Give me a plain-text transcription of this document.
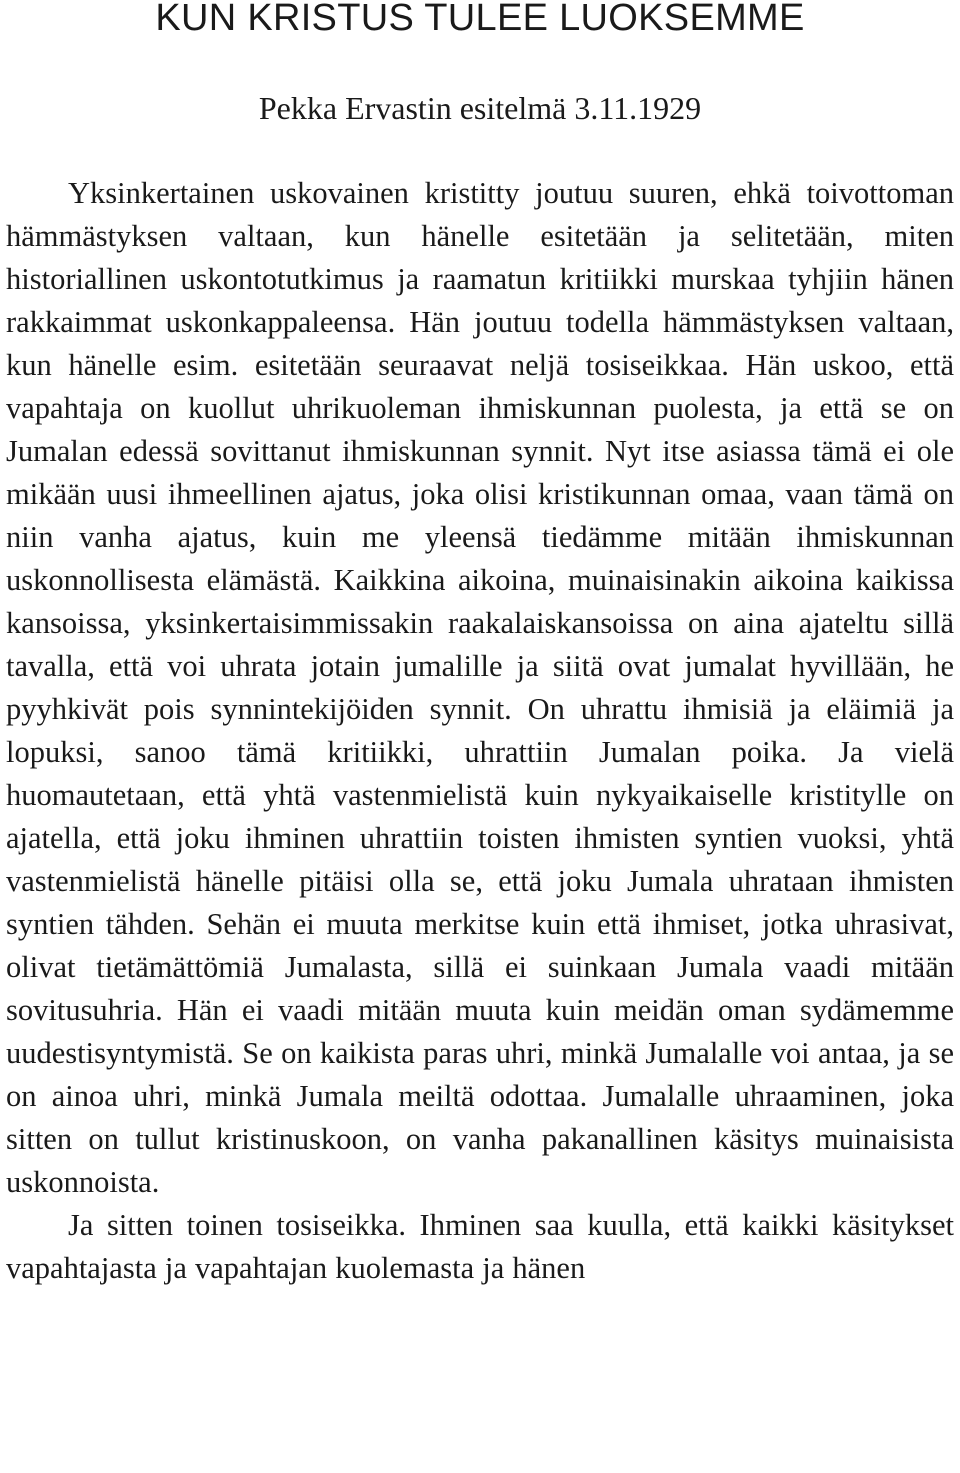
KUN KRISTUS TULEE LUOKSEMME
Pekka Ervastin esitelmä 3.11.1929

Yksinkertainen uskovainen kristitty joutuu suuren, ehkä toivottoman hämmästyksen valtaan, kun hänelle esitetään ja selitetään, miten historiallinen uskontotutkimus ja raamatun kritiikki murskaa tyhjiin hänen rakkaimmat uskonkappaleensa. Hän joutuu todella hämmästyksen valtaan, kun hänelle esim. esitetään seuraavat neljä tosiseikkaa. Hän uskoo, että vapahtaja on kuollut uhrikuoleman ihmiskunnan puolesta, ja että se on Jumalan edessä sovittanut ihmiskunnan synnit. Nyt itse asiassa tämä ei ole mikään uusi ihmeellinen ajatus, joka olisi kristikunnan omaa, vaan tämä on niin vanha ajatus, kuin me yleensä tiedämme mitään ihmiskunnan uskonnollisesta elämästä. Kaikkina aikoina, muinaisinakin aikoina kaikissa kansoissa, yksinkertaisimmissakin raakalaiskansoissa on aina ajateltu sillä tavalla, että voi uhrata jotain jumalille ja siitä ovat jumalat hyvillään, he pyyhkivät pois synnintekijöiden synnit. On uhrattu ihmisiä ja eläimiä ja lopuksi, sanoo tämä kritiikki, uhrattiin Jumalan poika. Ja vielä huomautetaan, että yhtä vastenmielistä kuin nykyaikaiselle kristitylle on ajatella, että joku ihminen uhrattiin toisten ihmisten syntien vuoksi, yhtä vastenmielistä hänelle pitäisi olla se, että joku Jumala uhrataan ihmisten syntien tähden. Sehän ei muuta merkitse kuin että ihmiset, jotka uhrasivat, olivat tietämättömiä Jumalasta, sillä ei suinkaan Jumala vaadi mitään sovitusuhria. Hän ei vaadi mitään muuta kuin meidän oman sydämemme uudestisyntymistä. Se on kaikista paras uhri, minkä Jumalalle voi antaa, ja se on ainoa uhri, minkä Jumala meiltä odottaa. Jumalalle uhraaminen, joka sitten on tullut kristinuskoon, on vanha pakanallinen käsitys muinaisista uskonnoista.

Ja sitten toinen tosiseikka. Ihminen saa kuulla, että kaikki käsitykset vapahtajasta ja vapahtajan kuolemasta ja hänen
